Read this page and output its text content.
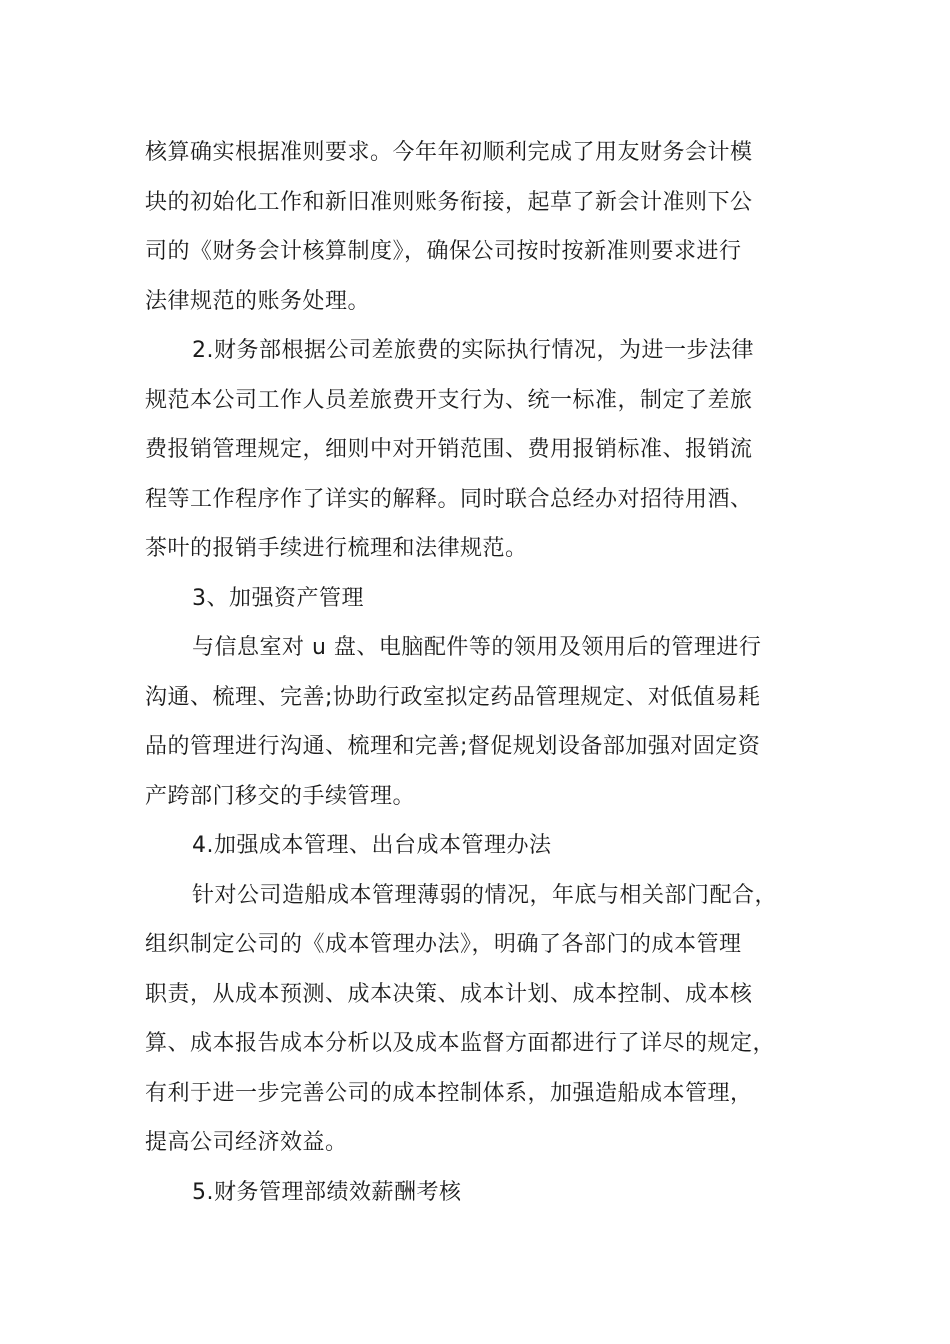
核算确实根据准则要求。今年年初顺利完成了用友财务会计模
块的初始化工作和新旧准则账务衔接，起草了新会计准则下公
司的《财务会计核算制度》，确保公司按时按新准则要求进行
法律规范的账务处理。
2.财务部根据公司差旅费的实际执行情况，为进一步法律
规范本公司工作人员差旅费开支行为、统一标准，制定了差旅
费报销管理规定，细则中对开销范围、费用报销标准、报销流
程等工作程序作了详实的解释。同时联合总经办对招待用酒、
茶叶的报销手续进行梳理和法律规范。
3、加强资产管理
与信息室对 u 盘、电脑配件等的领用及领用后的管理进行
沟通、梳理、完善;协助行政室拟定药品管理规定、对低值易耗
品的管理进行沟通、梳理和完善;督促规划设备部加强对固定资
产跨部门移交的手续管理。
4.加强成本管理、出台成本管理办法
针对公司造船成本管理薄弱的情况，年底与相关部门配合，
组织制定公司的《成本管理办法》，明确了各部门的成本管理
职责，从成本预测、成本决策、成本计划、成本控制、成本核
算、成本报告成本分析以及成本监督方面都进行了详尽的规定，
有利于进一步完善公司的成本控制体系，加强造船成本管理，
提高公司经济效益。
5.财务管理部绩效薪酬考核
